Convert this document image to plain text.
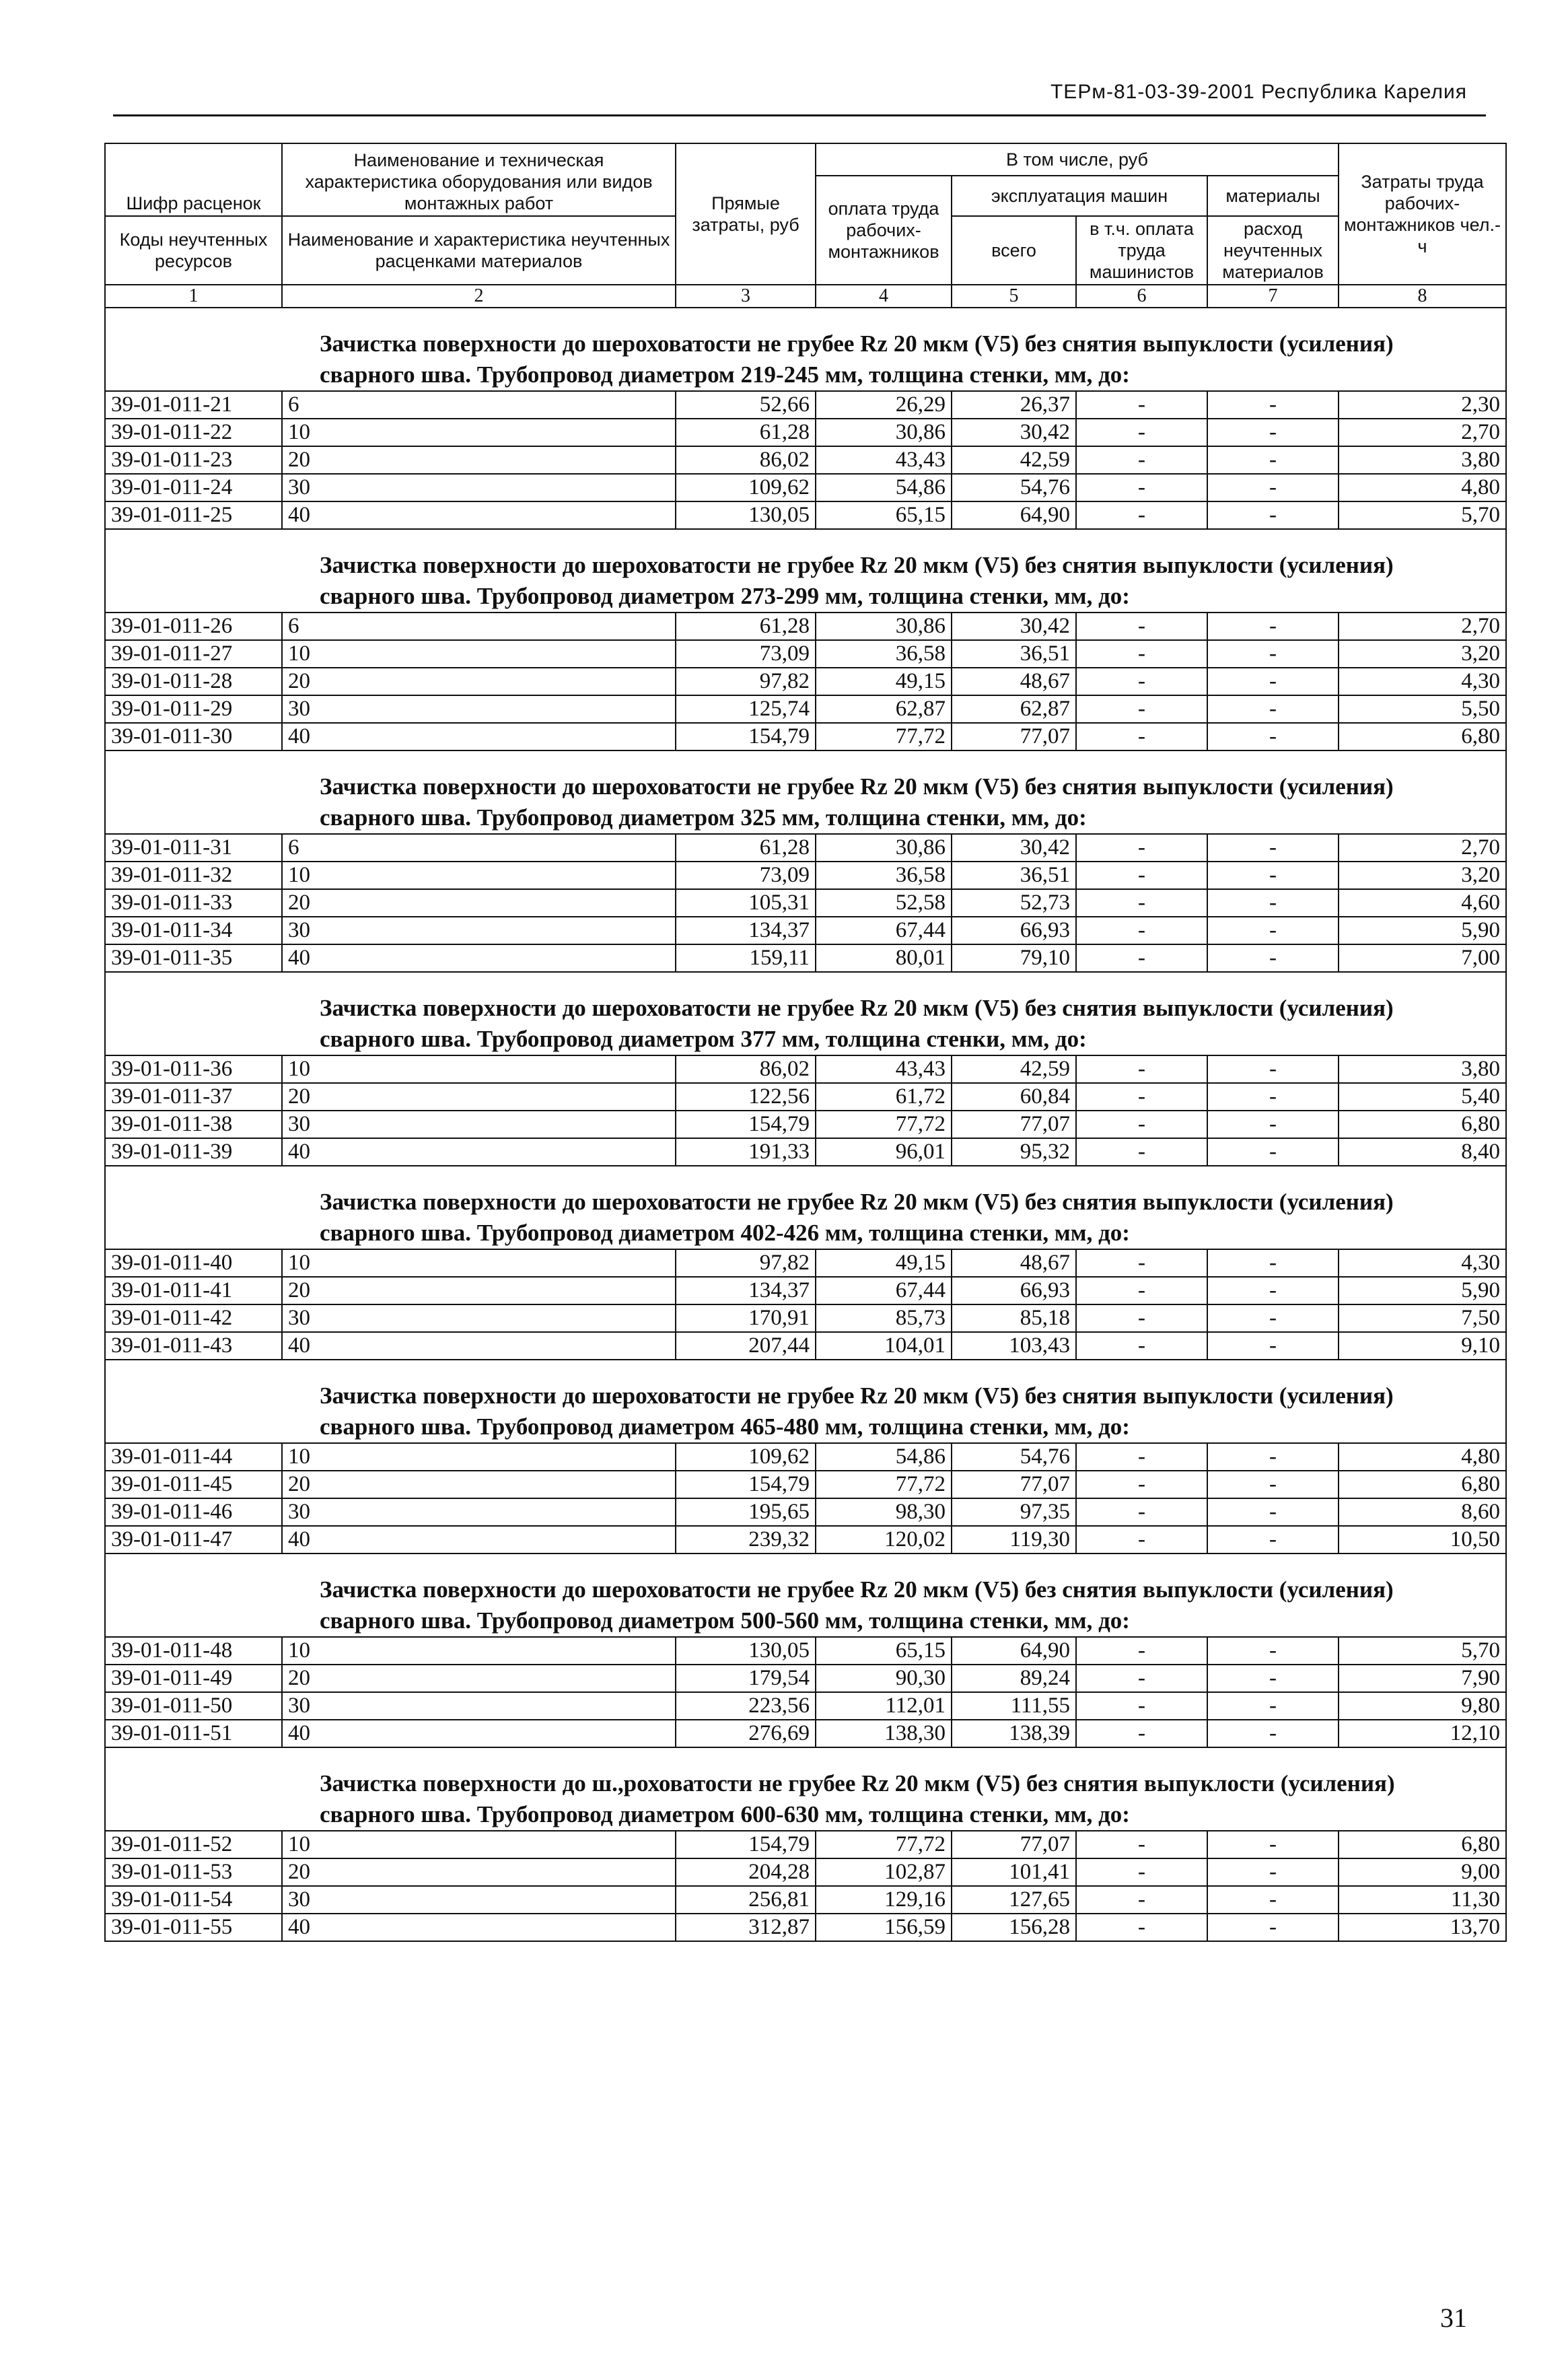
ТЕРм-81-03-39-2001 Республика Карелия
Шифр расценок	Наименование и техническая характеристика оборудования или видов монтажных работ	Прямые затраты, руб	В том числе, руб				Затраты труда рабочих-монтажников чел.-ч
			оплата труда рабочих-монтажников	эксплуатация машин		материалы	
Коды неучтенных ресурсов	Наименование и характеристика неучтенных расценками материалов			всего	в т.ч. оплата труда машинистов	расход неучтенных материалов	
1	2	3	4	5	6	7	8
Зачистка поверхности до шероховатости не грубее Rz 20 мкм (V5) без снятия выпуклости (усиления) сварного шва. Трубопровод диаметром 219-245 мм, толщина стенки, мм, до:							
39-01-011-21	6	52,66	26,29	26,37	-	-	2,30
39-01-011-22	10	61,28	30,86	30,42	-	-	2,70
39-01-011-23	20	86,02	43,43	42,59	-	-	3,80
39-01-011-24	30	109,62	54,86	54,76	-	-	4,80
39-01-011-25	40	130,05	65,15	64,90	-	-	5,70
Зачистка поверхности до шероховатости не грубее Rz 20 мкм (V5) без снятия выпуклости (усиления) сварного шва. Трубопровод диаметром 273-299 мм, толщина стенки, мм, до:							
39-01-011-26	6	61,28	30,86	30,42	-	-	2,70
39-01-011-27	10	73,09	36,58	36,51	-	-	3,20
39-01-011-28	20	97,82	49,15	48,67	-	-	4,30
39-01-011-29	30	125,74	62,87	62,87	-	-	5,50
39-01-011-30	40	154,79	77,72	77,07	-	-	6,80
Зачистка поверхности до шероховатости не грубее Rz 20 мкм (V5) без снятия выпуклости (усиления) сварного шва. Трубопровод диаметром 325 мм, толщина стенки, мм, до:							
39-01-011-31	6	61,28	30,86	30,42	-	-	2,70
39-01-011-32	10	73,09	36,58	36,51	-	-	3,20
39-01-011-33	20	105,31	52,58	52,73	-	-	4,60
39-01-011-34	30	134,37	67,44	66,93	-	-	5,90
39-01-011-35	40	159,11	80,01	79,10	-	-	7,00
Зачистка поверхности до шероховатости не грубее Rz 20 мкм (V5) без снятия выпуклости (усиления) сварного шва. Трубопровод диаметром 377 мм, толщина стенки, мм, до:							
39-01-011-36	10	86,02	43,43	42,59	-	-	3,80
39-01-011-37	20	122,56	61,72	60,84	-	-	5,40
39-01-011-38	30	154,79	77,72	77,07	-	-	6,80
39-01-011-39	40	191,33	96,01	95,32	-	-	8,40
Зачистка поверхности до шероховатости не грубее Rz 20 мкм (V5) без снятия выпуклости (усиления) сварного шва. Трубопровод диаметром 402-426 мм, толщина стенки, мм, до:							
39-01-011-40	10	97,82	49,15	48,67	-	-	4,30
39-01-011-41	20	134,37	67,44	66,93	-	-	5,90
39-01-011-42	30	170,91	85,73	85,18	-	-	7,50
39-01-011-43	40	207,44	104,01	103,43	-	-	9,10
Зачистка поверхности до шероховатости не грубее Rz 20 мкм (V5) без снятия выпуклости (усиления) сварного шва. Трубопровод диаметром 465-480 мм, толщина стенки, мм, до:							
39-01-011-44	10	109,62	54,86	54,76	-	-	4,80
39-01-011-45	20	154,79	77,72	77,07	-	-	6,80
39-01-011-46	30	195,65	98,30	97,35	-	-	8,60
39-01-011-47	40	239,32	120,02	119,30	-	-	10,50
Зачистка поверхности до шероховатости не грубее Rz 20 мкм (V5) без снятия выпуклости (усиления) сварного шва. Трубопровод диаметром 500-560 мм, толщина стенки, мм, до:							
39-01-011-48	10	130,05	65,15	64,90	-	-	5,70
39-01-011-49	20	179,54	90,30	89,24	-	-	7,90
39-01-011-50	30	223,56	112,01	111,55	-	-	9,80
39-01-011-51	40	276,69	138,30	138,39	-	-	12,10
Зачистка поверхности до ш.,роховатости не грубее Rz 20 мкм (V5) без снятия выпуклости (усиления) сварного шва. Трубопровод диаметром 600-630 мм, толщина стенки, мм, до:							
39-01-011-52	10	154,79	77,72	77,07	-	-	6,80
39-01-011-53	20	204,28	102,87	101,41	-	-	9,00
39-01-011-54	30	256,81	129,16	127,65	-	-	11,30
39-01-011-55	40	312,87	156,59	156,28	-	-	13,70
31
